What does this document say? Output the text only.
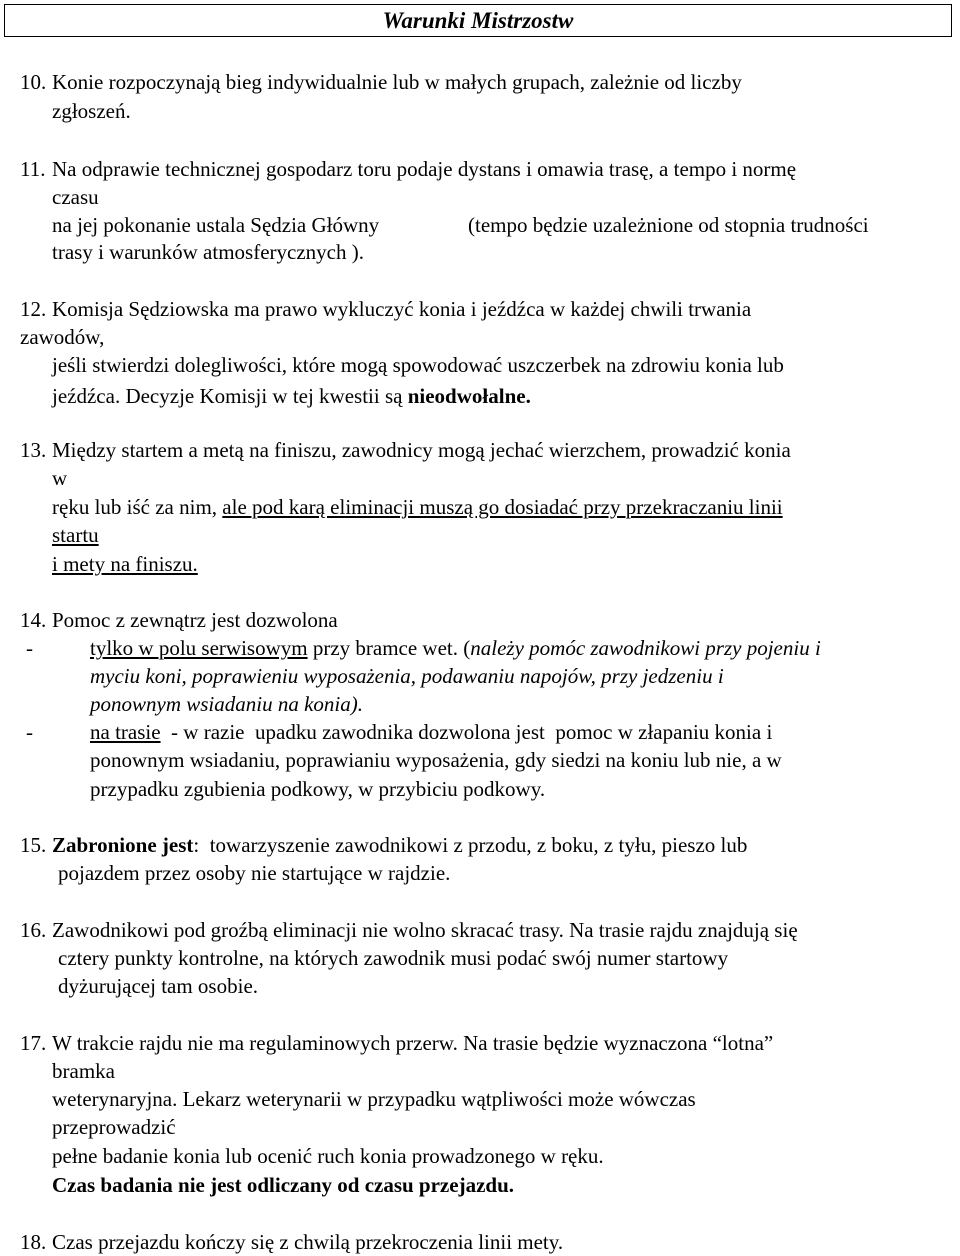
Warunki Mistrzostw
10. Konie rozpoczynają bieg indywidualnie lub w małych grupach, zależnie od liczby
zgłoszeń.
11. Na odprawie technicznej gospodarz toru podaje dystans i omawia trasę, a tempo i normę
czasu
na jej pokonanie ustala Sędzia Główny	(tempo będzie uzależnione od stopnia trudności
trasy i warunków atmosferycznych ).
12. Komisja Sędziowska ma prawo wykluczyć konia i jeźdźca w każdej chwili trwania
zawodów,
jeśli stwierdzi dolegliwości, które mogą spowodować uszczerbek na zdrowiu konia lub
jeźdźca. Decyzje Komisji w tej kwestii są nieodwołalne.
13. Między startem a metą na finiszu, zawodnicy mogą jechać wierzchem, prowadzić konia
w
ręku lub iść za nim, ale pod karą eliminacji muszą go dosiadać przy przekraczaniu linii
startu
i mety na finiszu.
14. Pomoc z zewnątrz jest dozwolona
-	tylko w polu serwisowym przy bramce wet. (należy pomóc zawodnikowi przy pojeniu i
myciu koni, poprawieniu wyposażenia, podawaniu napojów, przy jedzeniu i
ponownym wsiadaniu na konia).
-	na trasie  - w razie  upadku zawodnika dozwolona jest  pomoc w złapaniu konia i
ponownym wsiadaniu, poprawianiu wyposażenia, gdy siedzi na koniu lub nie, a w
przypadku zgubienia podkowy, w przybiciu podkowy.
15. Zabronione jest:  towarzyszenie zawodnikowi z przodu, z boku, z tyłu, pieszo lub
pojazdem przez osoby nie startujące w rajdzie.
16. Zawodnikowi pod groźbą eliminacji nie wolno skracać trasy. Na trasie rajdu znajdują się
cztery punkty kontrolne, na których zawodnik musi podać swój numer startowy
dyżurującej tam osobie.
17. W trakcie rajdu nie ma regulaminowych przerw. Na trasie będzie wyznaczona “lotna”
bramka
weterynaryjna. Lekarz weterynarii w przypadku wątpliwości może wówczas
przeprowadzić
pełne badanie konia lub ocenić ruch konia prowadzonego w ręku.
Czas badania nie jest odliczany od czasu przejazdu.
18. Czas przejazdu kończy się z chwilą przekroczenia linii mety.
